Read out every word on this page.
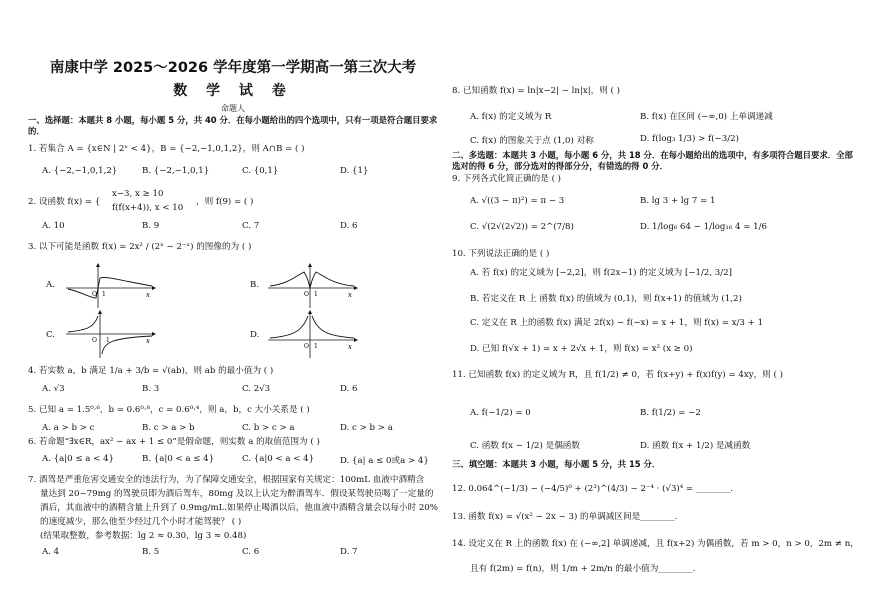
南康中学 2025～2026 学年度第一学期高一第三次大考
数 学 试 卷
命题人
一、选择题：本题共 8 小题，每小题 5 分，共 40 分．在每小题给出的四个选项中，只有一项是符合题目要求的．
1. 若集合 A = {x∈N | 2ˣ < 4}，B = {−2,−1,0,1,2}，则 A∩B = ( )
A. {−2,−1,0,1,2}	B. {−2,−1,0,1}	C. {0,1}	D. {1}
2. 设函数 f(x) = {
x−3, x ≥ 10
f(f(x+4)), x < 10
，则 f(9) = ( )
A. 10	B. 9	C. 7	D. 6
3. 以下可能是函数 f(x) = 2x² / (2ˣ − 2⁻ˣ) 的图像的为 ( )
A.
O 1	x
B.
O 1	x
C.
O 1	x
D.
O 1	x
4. 若实数 a，b 满足 1/a + 3/b = √(ab)，则 ab 的最小值为 ( )
A. √3	B. 3	C. 2√3	D. 6
5. 已知 a = 1.5⁰·⁶，b = 0.6⁰·⁸，c = 0.6⁰·⁴，则 a，b，c 大小关系是 ( )
A. a > b > c	B. c > a > b	C. b > c > a	D. c > b > a
6. 若命题“∃x∈R，ax² − ax + 1 ≤ 0”是假命题，则实数 a 的取值范围为 ( )
A. {a|0 ≤ a < 4}	B. {a|0 < a ≤ 4}	C. {a|0 < a < 4}	D. {a| a ≤ 0或a > 4}
7. 酒驾是严重危害交通安全的违法行为，为了保障交通安全，根据国家有关规定：100mL 血液中酒精含
量达到 20~79mg 的驾驶员即为酒后驾车，80mg 及以上认定为醉酒驾车．假设某驾驶员喝了一定量的
酒后，其血液中的酒精含量上升到了 0.9mg/mL.如果停止喝酒以后，他血液中酒精含量会以每小时 20%
的速度减少，那么他至少经过几个小时才能驾驶？ ( )
(结果取整数，参考数据：lg 2 ≈ 0.30，lg 3 ≈ 0.48)
A. 4	B. 5	C. 6	D. 7
8. 已知函数 f(x) = ln|x−2| − ln|x|，则 ( )
A. f(x) 的定义域为 R	B. f(x) 在区间 (−∞,0) 上单调递减
C. f(x) 的图象关于点 (1,0) 对称	D. f(log₃ 1/3) > f(−3/2)
二、多选题：本题共 3 小题，每小题 6 分，共 18 分．在每小题给出的选项中，有多项符合题目要求．全部选对的得 6 分，部分选对的得部分分，有错选的得 0 分．
9. 下列各式化简正确的是 ( )
A. √((3 − π)²) = π − 3	B. lg 3 + lg 7 = 1
C. √(2√(2√2)) = 2^(7/8)	D. 1/log₆ 64 − 1/log₁₆ 4 = 1/6
10. 下列说法正确的是 ( )
A. 若 f(x) 的定义域为 [−2,2]，则 f(2x−1) 的定义域为 [−1/2, 3/2]
B. 若定义在 R 上 函数 f(x) 的值域为 (0,1)，则 f(x+1) 的值域为 (1,2)
C. 定义在 R 上的函数 f(x) 满足 2f(x) − f(−x) = x + 1，则 f(x) = x/3 + 1
D. 已知 f(√x + 1) = x + 2√x + 1，则 f(x) = x² (x ≥ 0)
11. 已知函数 f(x) 的定义域为 R，且 f(1/2) ≠ 0，若 f(x+y) + f(x)f(y) = 4xy，则 ( )
A. f(−1/2) = 0	B. f(1/2) = −2
C. 函数 f(x − 1/2) 是偶函数	D. 函数 f(x + 1/2) 是减函数
三、填空题：本题共 3 小题，每小题 5 分，共 15 分．
12. 0.064^(−1/3) − (−4/5)⁰ + (2³)^(4/3) − 2⁻⁴ · (√3)⁴ = ________.
13. 函数 f(x) = √(x² − 2x − 3) 的单调减区间是________.
14. 设定义在 R 上的函数 f(x) 在 (−∞,2] 单调递减，且 f(x+2) 为偶函数，若 m > 0，n > 0，2m ≠ n，
且有 f(2m) = f(n)，则 1/m + 2m/n 的最小值为________.
